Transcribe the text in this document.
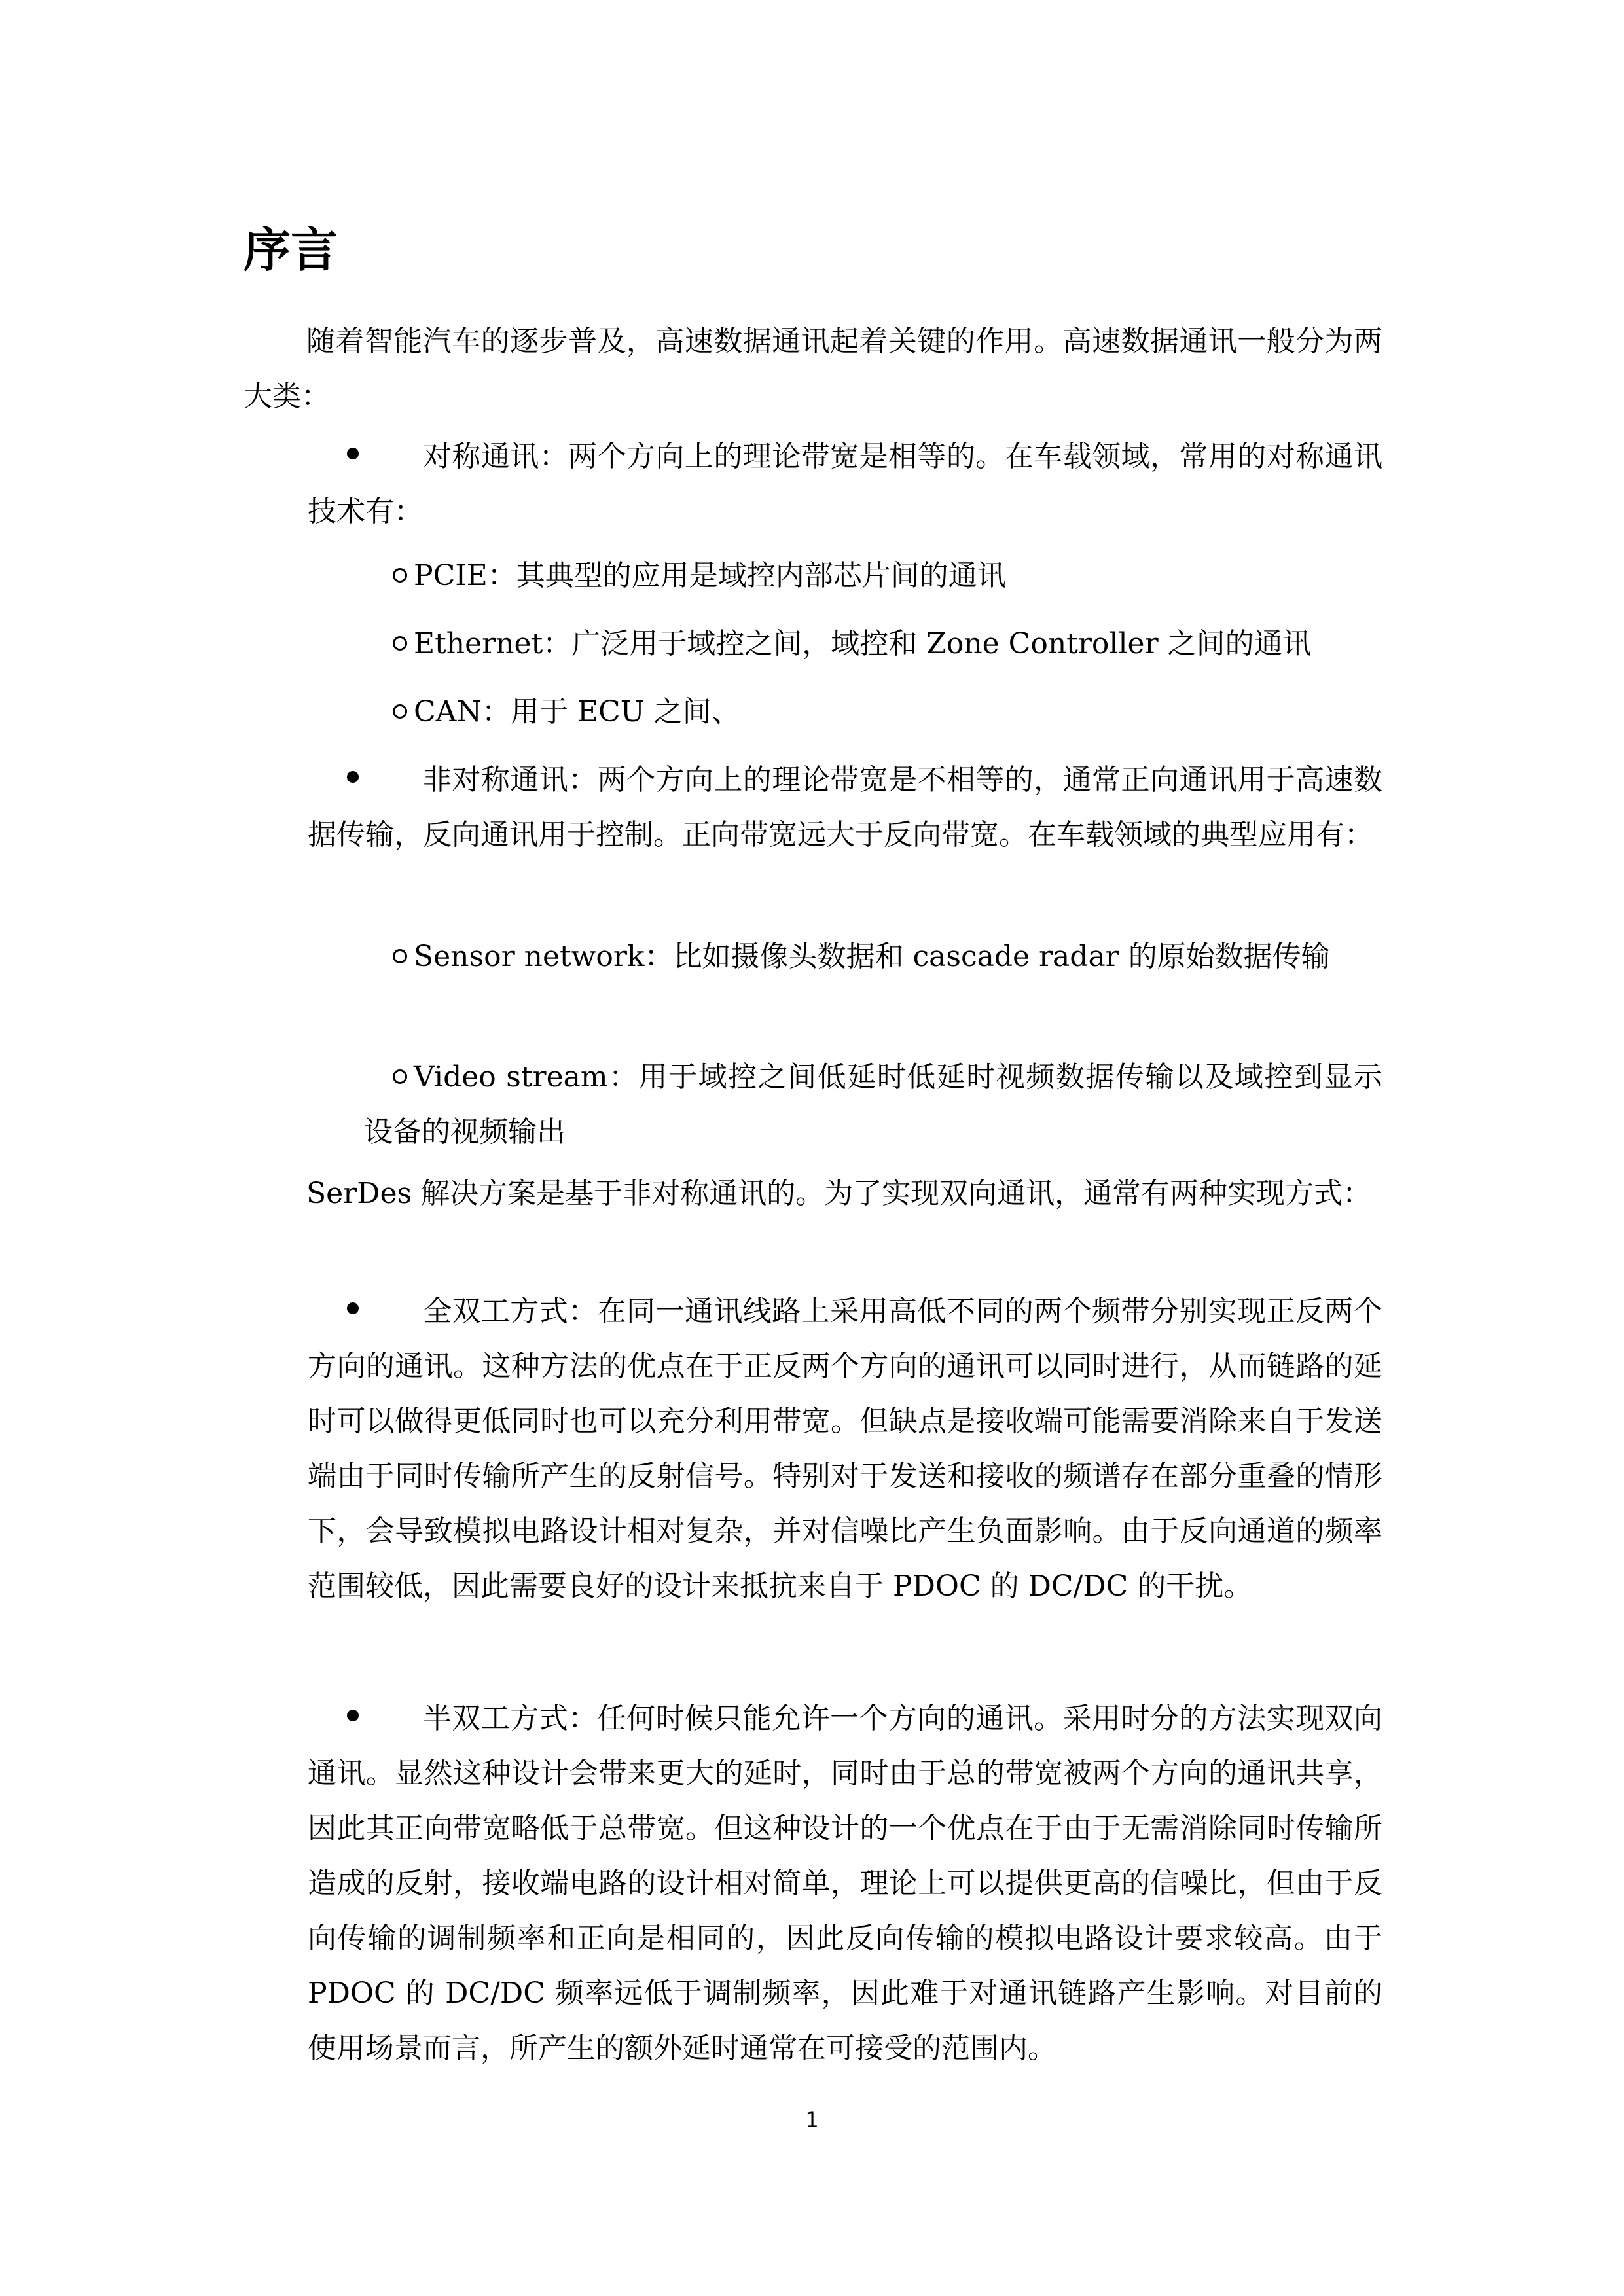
序言

随着智能汽车的逐步普及，高速数据通讯起着关键的作用。高速数据通讯一般分为两大类：

对称通讯：两个方向上的理论带宽是相等的。在车载领域，常用的对称通讯技术有：
PCIE：其典型的应用是域控内部芯片间的通讯
Ethernet：广泛用于域控之间，域控和 Zone Controller 之间的通讯
CAN：用于 ECU 之间、
非对称通讯：两个方向上的理论带宽是不相等的，通常正向通讯用于高速数据传输，反向通讯用于控制。正向带宽远大于反向带宽。在车载领域的典型应用有：
Sensor network：比如摄像头数据和 cascade radar 的原始数据传输
Video stream：用于域控之间低延时低延时视频数据传输以及域控到显示设备的视频输出

SerDes 解决方案是基于非对称通讯的。为了实现双向通讯，通常有两种实现方式：

全双工方式：在同一通讯线路上采用高低不同的两个频带分别实现正反两个方向的通讯。这种方法的优点在于正反两个方向的通讯可以同时进行，从而链路的延时可以做得更低同时也可以充分利用带宽。但缺点是接收端可能需要消除来自于发送端由于同时传输所产生的反射信号。特别对于发送和接收的频谱存在部分重叠的情形下，会导致模拟电路设计相对复杂，并对信噪比产生负面影响。由于反向通道的频率范围较低，因此需要良好的设计来抵抗来自于 PDOC 的 DC/DC 的干扰。
半双工方式：任何时候只能允许一个方向的通讯。采用时分的方法实现双向通讯。显然这种设计会带来更大的延时，同时由于总的带宽被两个方向的通讯共享，因此其正向带宽略低于总带宽。但这种设计的一个优点在于由于无需消除同时传输所造成的反射，接收端电路的设计相对简单，理论上可以提供更高的信噪比，但由于反向传输的调制频率和正向是相同的，因此反向传输的模拟电路设计要求较高。由于 PDOC 的 DC/DC 频率远低于调制频率，因此难于对通讯链路产生影响。对目前的使用场景而言，所产生的额外延时通常在可接受的范围内。
1
